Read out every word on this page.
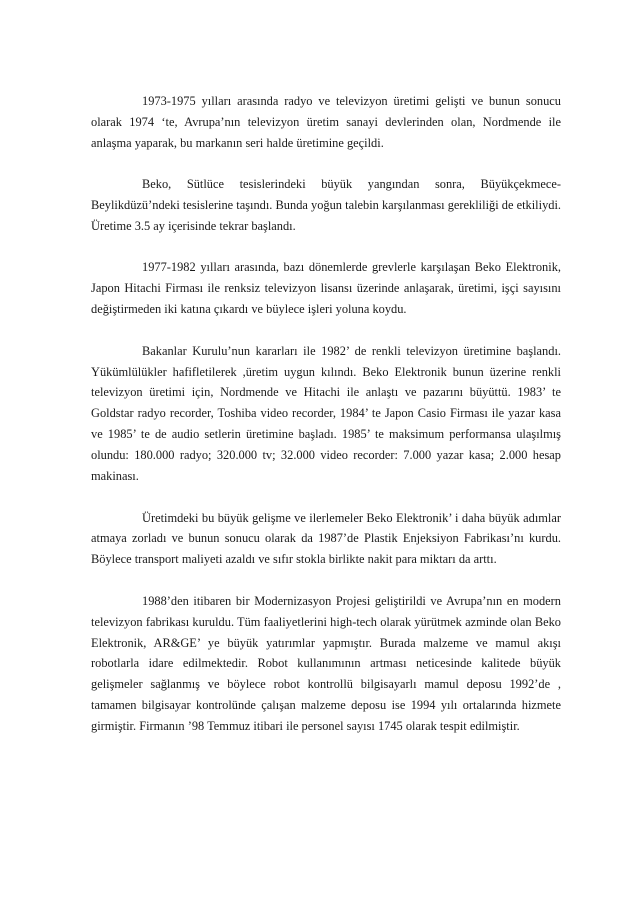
1973-1975 yılları arasında radyo ve televizyon üretimi gelişti ve bunun sonucu olarak 1974 ‘te, Avrupa’nın televizyon üretim sanayi devlerinden olan, Nordmende ile anlaşma yaparak, bu markanın seri halde üretimine geçildi.

Beko, Sütlüce tesislerindeki büyük yangından sonra, Büyükçekmece-Beylikdüzü’ndeki tesislerine taşındı. Bunda yoğun talebin karşılanması gerekliliği de etkiliydi. Üretime 3.5 ay içerisinde tekrar başlandı.

1977-1982 yılları arasında, bazı dönemlerde grevlerle karşılaşan Beko Elektronik, Japon Hitachi Firması ile renksiz televizyon lisansı üzerinde anlaşarak, üretimi, işçi sayısını değiştirmeden iki katına çıkardı ve büylece işleri yoluna koydu.

Bakanlar Kurulu’nun kararları ile 1982’ de renkli televizyon üretimine başlandı. Yükümlülükler hafifletilerek ,üretim uygun kılındı. Beko Elektronik bunun üzerine renkli televizyon üretimi için, Nordmende ve Hitachi ile anlaştı ve pazarını büyüttü. 1983’ te Goldstar radyo recorder, Toshiba video recorder, 1984’ te Japon Casio Firması ile yazar kasa ve 1985’ te de audio setlerin üretimine başladı. 1985’ te maksimum performansa ulaşılmış olundu: 180.000 radyo; 320.000 tv; 32.000 video recorder: 7.000 yazar kasa; 2.000 hesap makinası.

Üretimdeki bu büyük gelişme ve ilerlemeler Beko Elektronik’ i daha büyük adımlar atmaya zorladı ve bunun sonucu olarak da 1987’de Plastik Enjeksiyon Fabrikası’nı kurdu. Böylece transport maliyeti azaldı ve sıfır stokla birlikte nakit para miktarı da arttı.

1988’den itibaren bir Modernizasyon Projesi geliştirildi ve Avrupa’nın en modern televizyon fabrikası kuruldu. Tüm faaliyetlerini high-tech olarak yürütmek azminde olan Beko Elektronik, AR&GE’ ye büyük yatırımlar yapmıştır. Burada malzeme ve mamul akışı robotlarla idare edilmektedir. Robot kullanımının artması neticesinde kalitede büyük gelişmeler sağlanmış ve böylece robot kontrollü bilgisayarlı mamul deposu 1992’de , tamamen bilgisayar kontrolünde çalışan malzeme deposu ise 1994 yılı ortalarında hizmete girmiştir. Firmanın ’98 Temmuz itibari ile personel sayısı 1745 olarak tespit edilmiştir.
